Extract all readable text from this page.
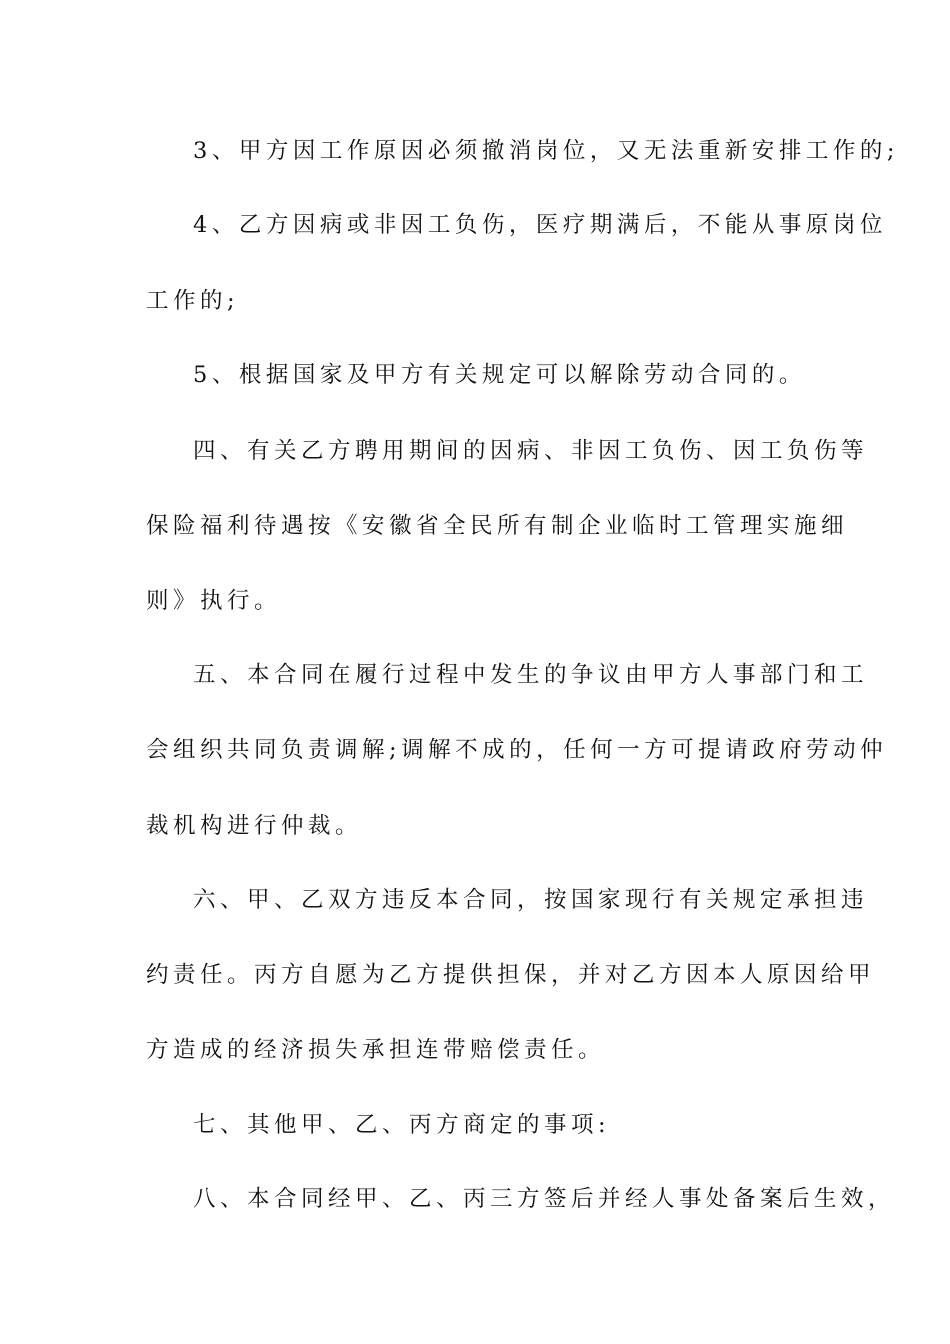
3、甲方因工作原因必须撤消岗位，又无法重新安排工作的;
4、乙方因病或非因工负伤，医疗期满后，不能从事原岗位
工作的;
5、根据国家及甲方有关规定可以解除劳动合同的。
四、有关乙方聘用期间的因病、非因工负伤、因工负伤等
保险福利待遇按《安徽省全民所有制企业临时工管理实施细
则》执行。
五、本合同在履行过程中发生的争议由甲方人事部门和工
会组织共同负责调解;调解不成的，任何一方可提请政府劳动仲
裁机构进行仲裁。
六、甲、乙双方违反本合同，按国家现行有关规定承担违
约责任。丙方自愿为乙方提供担保，并对乙方因本人原因给甲
方造成的经济损失承担连带赔偿责任。
七、其他甲、乙、丙方商定的事项:
八、本合同经甲、乙、丙三方签后并经人事处备案后生效，
